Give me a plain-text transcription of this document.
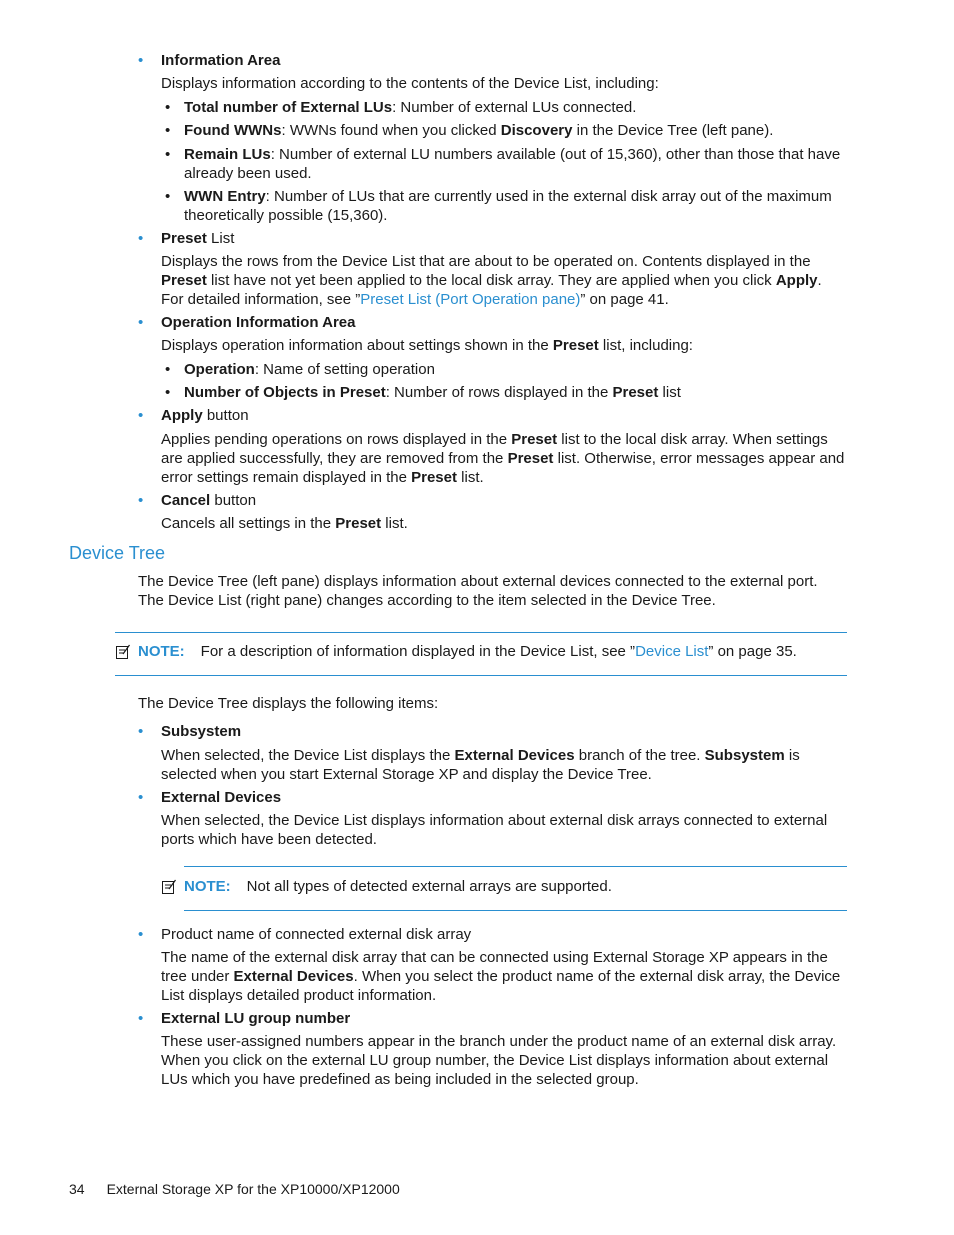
• Information Area
Displays information according to the contents of the Device List, including:
• Total number of External LUs: Number of external LUs connected.
• Found WWNs: WWNs found when you clicked Discovery in the Device Tree (left pane).
• Remain LUs: Number of external LU numbers available (out of 15,360), other than those that have already been used.
• WWN Entry: Number of LUs that are currently used in the external disk array out of the maximum theoretically possible (15,360).
• Preset List
Displays the rows from the Device List that are about to be operated on. Contents displayed in the Preset list have not yet been applied to the local disk array. They are applied when you click Apply. For detailed information, see ”Preset List (Port Operation pane)” on page 41.
• Operation Information Area
Displays operation information about settings shown in the Preset list, including:
• Operation: Name of setting operation
• Number of Objects in Preset: Number of rows displayed in the Preset list
• Apply button
Applies pending operations on rows displayed in the Preset list to the local disk array. When settings are applied successfully, they are removed from the Preset list. Otherwise, error messages appear and error settings remain displayed in the Preset list.
• Cancel button
Cancels all settings in the Preset list.
Device Tree
The Device Tree (left pane) displays information about external devices connected to the external port. The Device List (right pane) changes according to the item selected in the Device Tree.
NOTE: For a description of information displayed in the Device List, see ”Device List” on page 35.
The Device Tree displays the following items:
• Subsystem
When selected, the Device List displays the External Devices branch of the tree. Subsystem is selected when you start External Storage XP and display the Device Tree.
• External Devices
When selected, the Device List displays information about external disk arrays connected to external ports which have been detected.
NOTE: Not all types of detected external arrays are supported.
• Product name of connected external disk array
The name of the external disk array that can be connected using External Storage XP appears in the tree under External Devices. When you select the product name of the external disk array, the Device List displays detailed product information.
• External LU group number
These user-assigned numbers appear in the branch under the product name of an external disk array. When you click on the external LU group number, the Device List displays information about external LUs which you have predefined as being included in the selected group.
34 External Storage XP for the XP10000/XP12000
